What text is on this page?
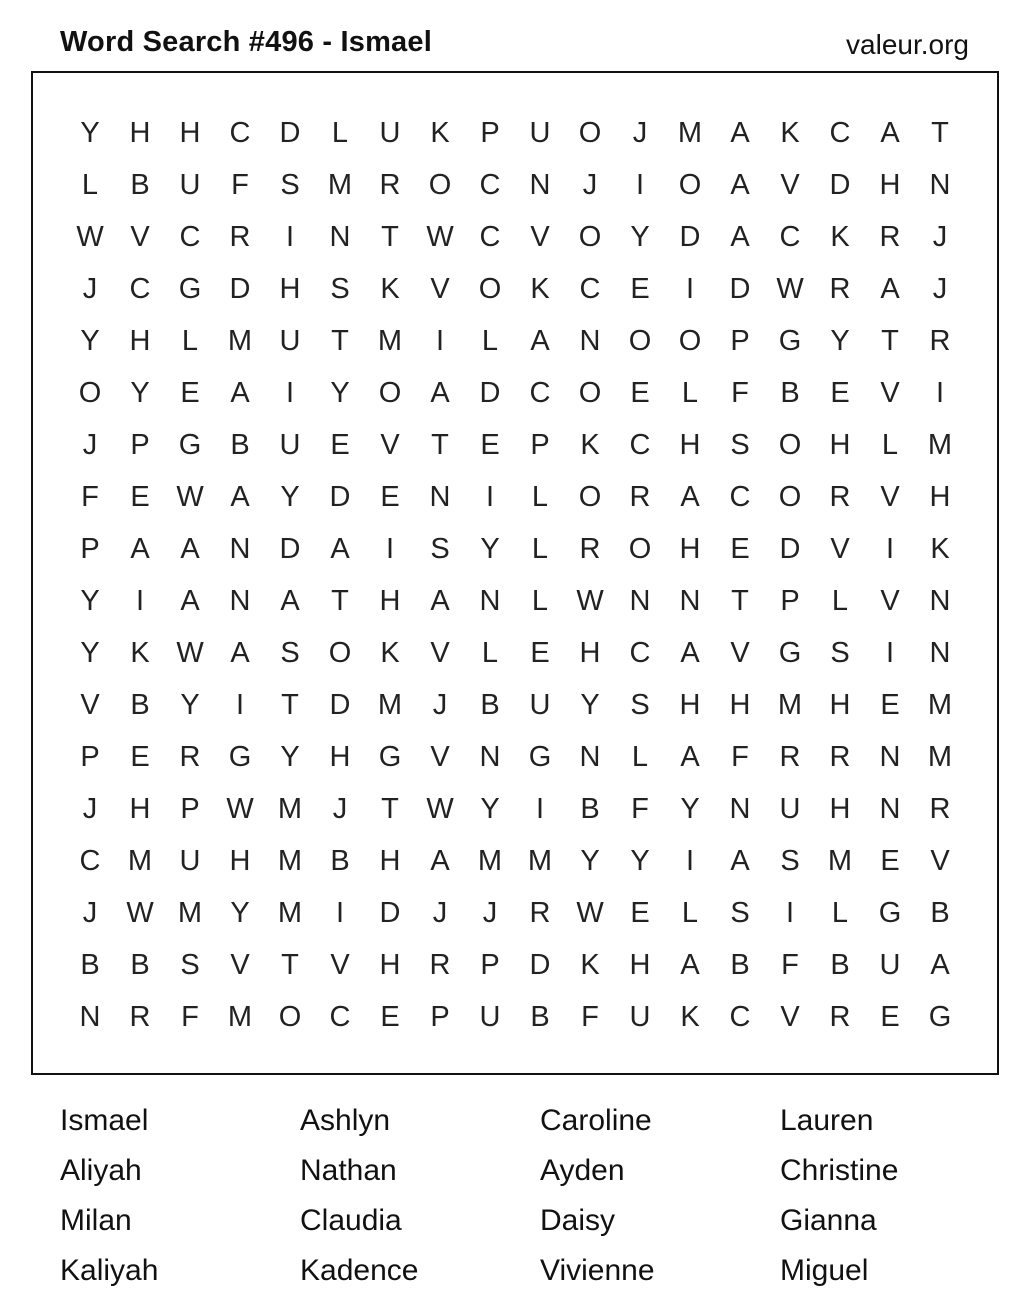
Word Search #496 - Ismael	valeur.org
Y	H	H	C	D	L	U	K	P	U O	J	M A	K	C	A	T
L	B	U	F	S M R O C	N	J	I	O	A	V	D	H	N
W V	C	R	I	N	T W C	V	O	Y	D	A	C	K	R	J
J	C G D	H	S	K	V	O	K	C	E	I	D W R	A	J
Y	H	L	M U	T	M	I	L	A	N O O	P	G	Y	T	R
O	Y	E	A	I	Y	O	A	D	C O	E	L	F	B	E	V	I
J	P	G	B	U	E	V	T	E	P	K	C	H	S	O H	L	M
F	E W A	Y	D	E	N	I	L	O R	A	C O R	V	H
P	A	A	N	D	A	I	S	Y	L	R O H	E	D	V	I	K
Y	I	A	N	A	T	H	A	N	L W N	N	T	P	L	V	N
Y	K W A	S	O	K	V	L	E	H	C	A	V	G	S	I	N
V	B	Y	I	T	D M	J	B	U	Y	S	H	H M H	E M
P	E	R G	Y	H G	V	N G N	L	A	F	R	R	N M
J	H	P W M	J	T W Y	I	B	F	Y	N	U	H	N	R
C M U	H M B	H	A M M Y	Y	I	A	S M E	V
J	W M Y M	I	D	J	J	R W E	L	S	I	L	G	B
B	B	S	V	T	V	H	R	P	D	K	H	A	B	F	B	U	A
N	R	F	M O C	E	P	U	B	F	U	K	C	V	R	E	G
Ismael	Ashlyn	Caroline	Lauren
Aliyah	Nathan	Ayden	Christine
Milan	Claudia	Daisy	Gianna
Kaliyah	Kadence	Vivienne	Miguel
